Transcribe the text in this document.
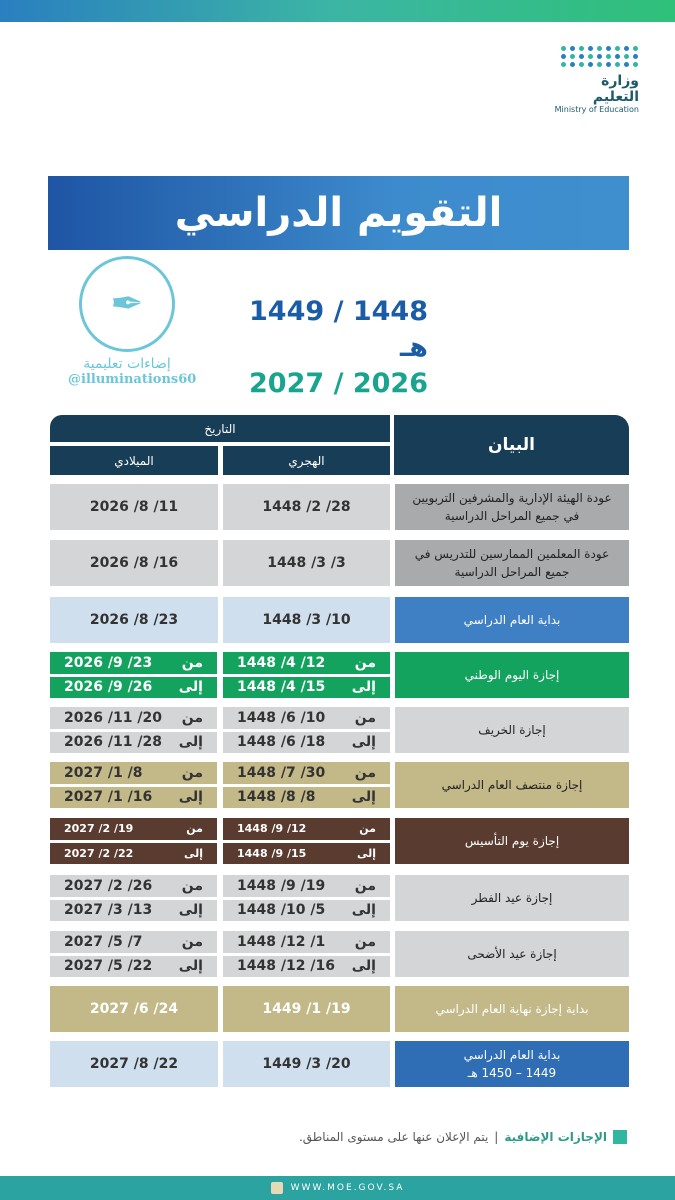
وزارة التعليم
Ministry of Education
التقويم الدراسي
✒
إضاءات تعليمية
@illuminations60
1448 / 1449 هـ
2026 / 2027
البيان
التاريخ
الهجري
الميلادي
عودة الهيئة الإدارية والمشرفين التربويين في جميع المراحل الدراسية
28/ 2/ 1448
11/ 8/ 2026
عودة المعلمين الممارسين للتدريس في جميع المراحل الدراسية
3/ 3/ 1448
16/ 8/ 2026
بداية العام الدراسي
10/ 3/ 1448
23/ 8/ 2026
إجازة اليوم الوطني
من
12/ 4/ 1448
إلى
15/ 4/ 1448
من
23/ 9/ 2026
إلى
26/ 9/ 2026
إجازة الخريف
من
10/ 6/ 1448
إلى
18/ 6/ 1448
من
20/ 11/ 2026
إلى
28/ 11/ 2026
إجازة منتصف العام الدراسي
من
30/ 7/ 1448
إلى
8/ 8/ 1448
من
8/ 1/ 2027
إلى
16/ 1/ 2027
إجازة يوم التأسيس
من
12/ 9/ 1448
إلى
15/ 9/ 1448
من
19/ 2/ 2027
إلى
22/ 2/ 2027
إجازة عيد الفطر
من
19/ 9/ 1448
إلى
5/ 10/ 1448
من
26/ 2/ 2027
إلى
13/ 3/ 2027
إجازة عيد الأضحى
من
1/ 12/ 1448
إلى
16/ 12/ 1448
من
7/ 5/ 2027
إلى
22/ 5/ 2027
بداية إجازة نهاية العام الدراسي
19/ 1/ 1449
24/ 6/ 2027
بداية العام الدراسي
1449 – 1450 هـ
20/ 3/ 1449
22/ 8/ 2027
الإجازات الإضافية
|
يتم الإعلان عنها على مستوى المناطق.
WWW.MOE.GOV.SA
